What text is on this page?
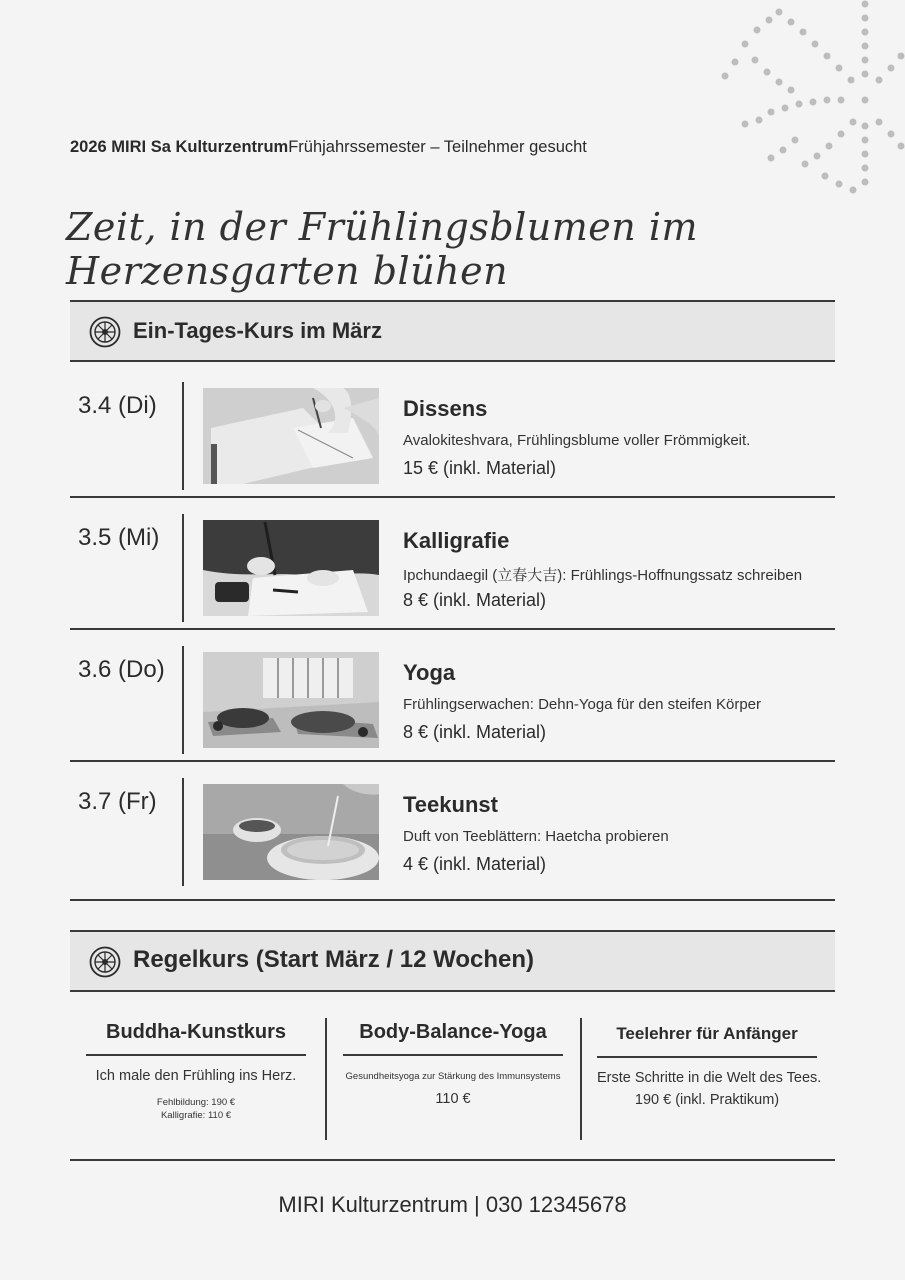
2026 MIRI Sa KulturzentrumFrühjahrssemester – Teilnehmer gesucht
Zeit, in der Frühlingsblumen im Herzensgarten blühen
Ein-Tages-Kurs im März
3.4 (Di)	Dissens
Avalokiteshvara, Frühlingsblume voller Frömmigkeit.
15 € (inkl. Material)
3.5 (Mi)	Kalligrafie
Ipchundaegil (立春大吉): Frühlings-Hoffnungssatz schreiben
8 € (inkl. Material)
3.6 (Do)	Yoga
Frühlingserwachen: Dehn-Yoga für den steifen Körper
8 € (inkl. Material)
3.7 (Fr)	Teekunst
Duft von Teeblättern: Haetcha probieren
4 € (inkl. Material)
Regelkurs (Start März / 12 Wochen)
Buddha-Kunstkurs
Ich male den Frühling ins Herz.
Fehlbildung: 190 €
Kalligrafie: 110 €
Body-Balance-Yoga
Gesundheitsyoga zur Stärkung des Immunsystems
110 €
Teelehrer für Anfänger
Erste Schritte in die Welt des Tees.
190 € (inkl. Praktikum)
MIRI Kulturzentrum | 030 12345678
